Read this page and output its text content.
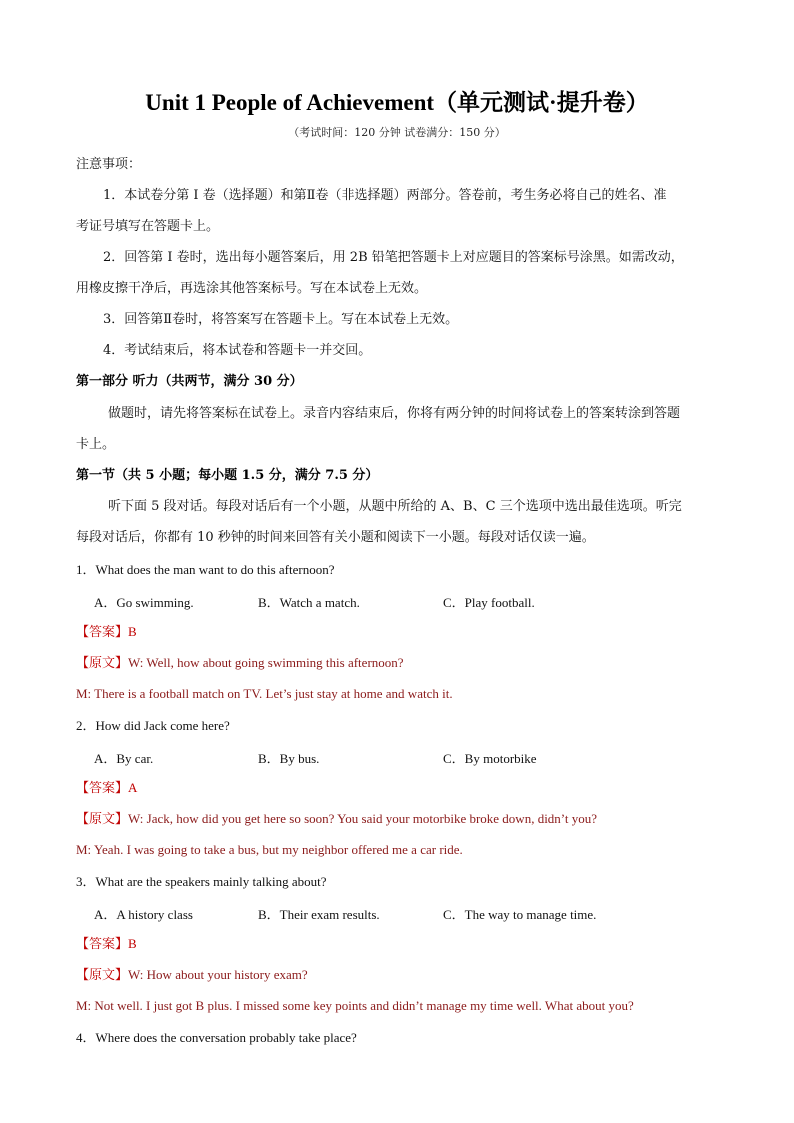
Unit 1 People of Achievement（单元测试·提升卷）
（考试时间：120 分钟 试卷满分：150 分）
注意事项：
1．本试卷分第 I 卷（选择题）和第Ⅱ卷（非选择题）两部分。答卷前，考生务必将自己的姓名、准
考证号填写在答题卡上。
2．回答第 I 卷时，选出每小题答案后，用 2B 铅笔把答题卡上对应题目的答案标号涂黑。如需改动，
用橡皮擦干净后，再选涂其他答案标号。写在本试卷上无效。
3．回答第Ⅱ卷时，将答案写在答题卡上。写在本试卷上无效。
4．考试结束后，将本试卷和答题卡一并交回。
第一部分 听力（共两节，满分 30 分）
做题时，请先将答案标在试卷上。录音内容结束后，你将有两分钟的时间将试卷上的答案转涂到答题
卡上。
第一节（共 5 小题；每小题 1.5 分，满分 7.5 分）
听下面 5 段对话。每段对话后有一个小题，从题中所给的 A、B、C 三个选项中选出最佳选项。听完
每段对话后，你都有 10 秒钟的时间来回答有关小题和阅读下一小题。每段对话仅读一遍。
1．What does the man want to do this afternoon?
A．Go swimming.	B．Watch a match.	C．Play football.
【答案】B
【原文】W: Well, how about going swimming this afternoon?
M: There is a football match on TV. Let’s just stay at home and watch it.
2．How did Jack come here?
A．By car.	B．By bus.	C．By motorbike
【答案】A
【原文】W: Jack, how did you get here so soon? You said your motorbike broke down, didn’t you?
M: Yeah. I was going to take a bus, but my neighbor offered me a car ride.
3．What are the speakers mainly talking about?
A．A history class	B．Their exam results.	C．The way to manage time.
【答案】B
【原文】W: How about your history exam?
M: Not well. I just got B plus. I missed some key points and didn’t manage my time well. What about you?
4．Where does the conversation probably take place?
